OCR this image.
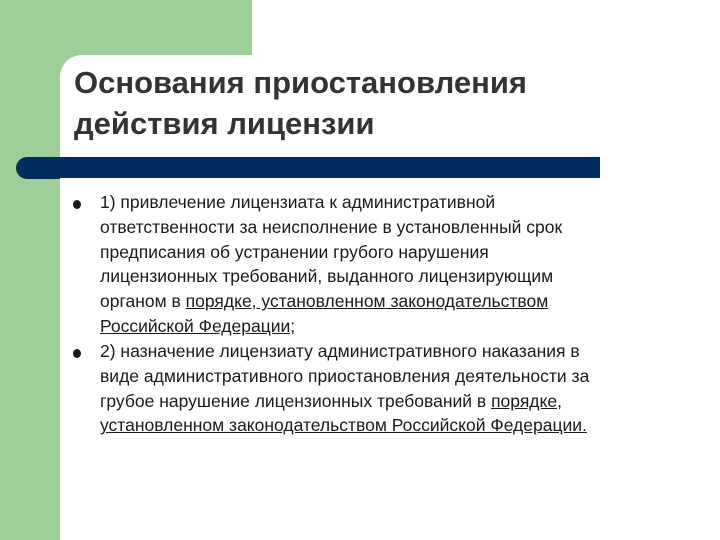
Основания приостановления
действия лицензии
1) привлечение лицензиата к административной
ответственности за неисполнение в установленный срок
предписания об устранении грубого нарушения
лицензионных требований, выданного лицензирующим
органом в порядке, установленном законодательством
Российской Федерации;
2) назначение лицензиату административного наказания в
виде административного приостановления деятельности за
грубое нарушение лицензионных требований в порядке,
установленном законодательством Российской Федерации.
